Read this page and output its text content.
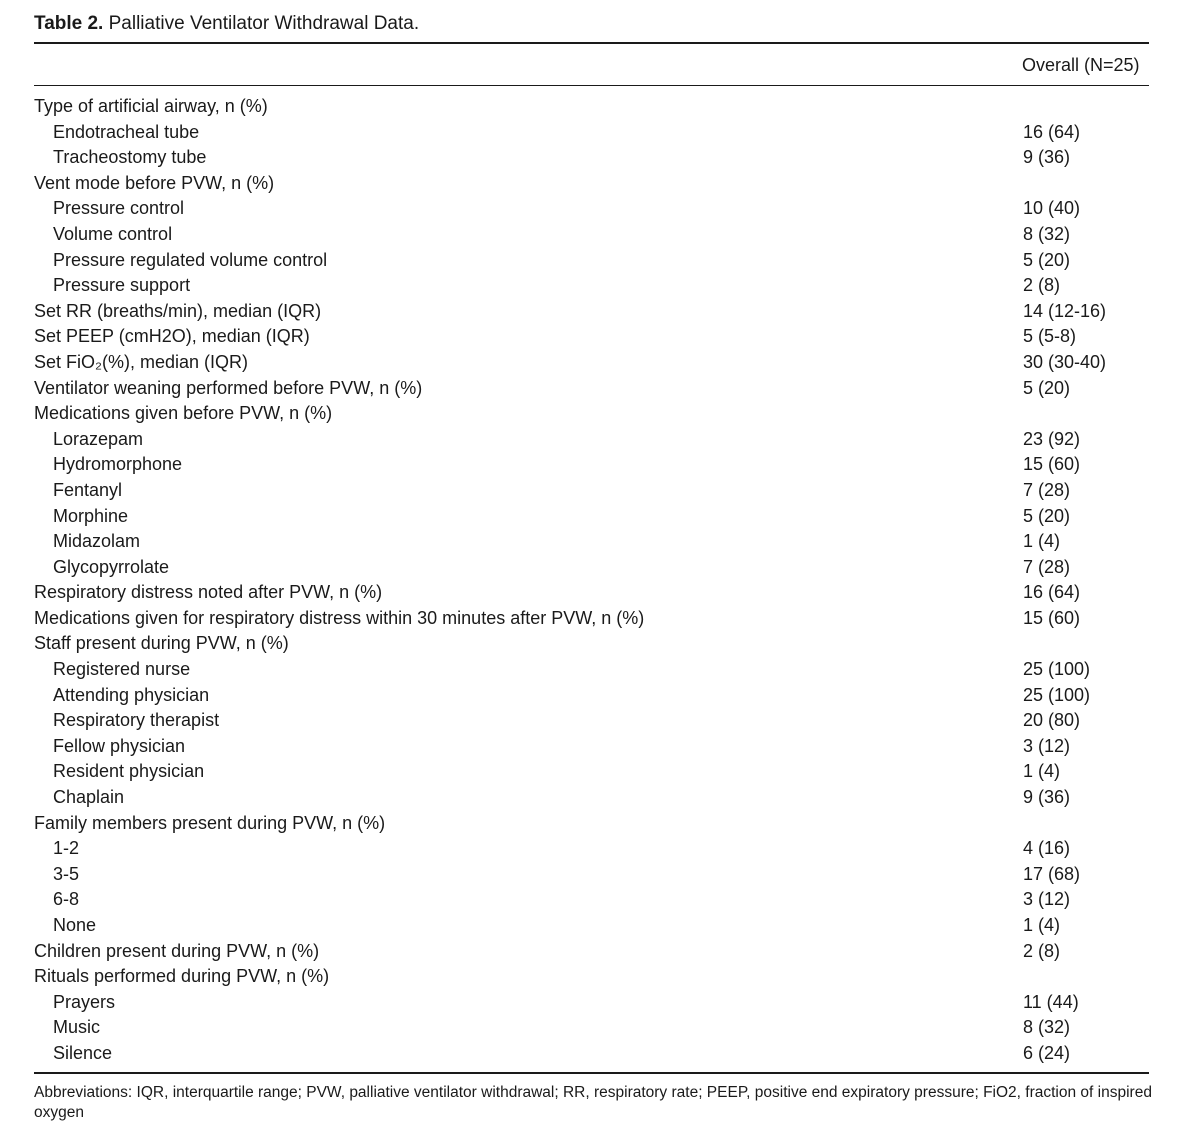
Table 2. Palliative Ventilator Withdrawal Data.
Overall (N=25)
Type of artificial airway, n (%)
Endotracheal tube	16 (64)
Tracheostomy tube	9 (36)
Vent mode before PVW, n (%)
Pressure control	10 (40)
Volume control	8 (32)
Pressure regulated volume control	5 (20)
Pressure support	2 (8)
Set RR (breaths/min), median (IQR)	14 (12-16)
Set PEEP (cmH2O), median (IQR)	5 (5-8)
Set FiO₂(%), median (IQR)	30 (30-40)
Ventilator weaning performed before PVW, n (%)	5 (20)
Medications given before PVW, n (%)
Lorazepam	23 (92)
Hydromorphone	15 (60)
Fentanyl	7 (28)
Morphine	5 (20)
Midazolam	1 (4)
Glycopyrrolate	7 (28)
Respiratory distress noted after PVW, n (%)	16 (64)
Medications given for respiratory distress within 30 minutes after PVW, n (%)	15 (60)
Staff present during PVW, n (%)
Registered nurse	25 (100)
Attending physician	25 (100)
Respiratory therapist	20 (80)
Fellow physician	3 (12)
Resident physician	1 (4)
Chaplain	9 (36)
Family members present during PVW, n (%)
1-2	4 (16)
3-5	17 (68)
6-8	3 (12)
None	1 (4)
Children present during PVW, n (%)	2 (8)
Rituals performed during PVW, n (%)
Prayers	11 (44)
Music	8 (32)
Silence	6 (24)
Abbreviations: IQR, interquartile range; PVW, palliative ventilator withdrawal; RR, respiratory rate; PEEP, positive end expiratory pressure; FiO2, fraction of inspired oxygen
